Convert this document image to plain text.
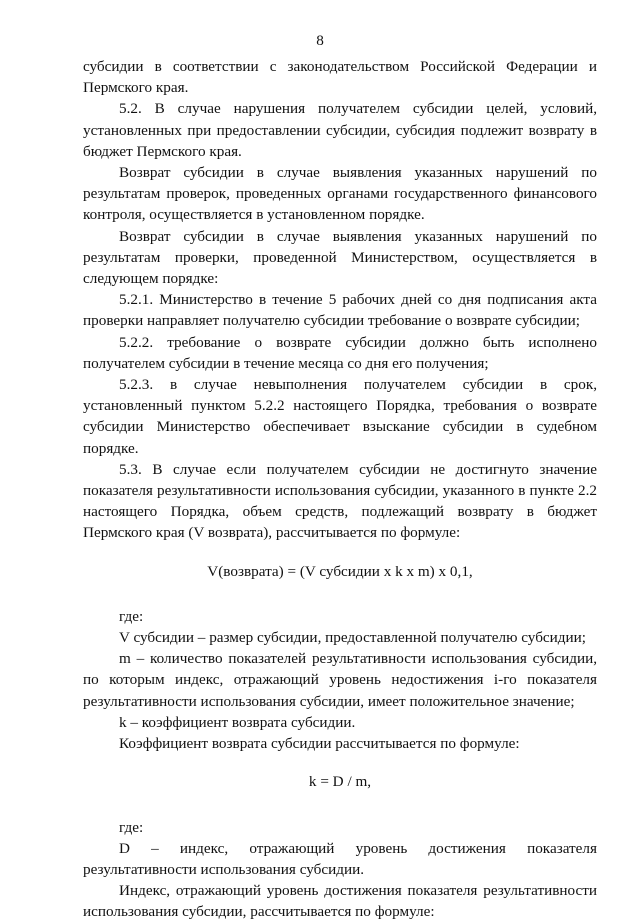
8

субсидии в соответствии с законодательством Российской Федерации и Пермского края.

5.2. В случае нарушения получателем субсидии целей, условий, установленных при предоставлении субсидии, субсидия подлежит возврату в бюджет Пермского края.

Возврат субсидии в случае выявления указанных нарушений по результатам проверок, проведенных органами государственного финансового контроля, осуществляется в установленном порядке.

Возврат субсидии в случае выявления указанных нарушений по результатам проверки, проведенной Министерством, осуществляется в следующем порядке:

5.2.1. Министерство в течение 5 рабочих дней со дня подписания акта проверки направляет получателю субсидии требование о возврате субсидии;

5.2.2. требование о возврате субсидии должно быть исполнено получателем субсидии в течение месяца со дня его получения;

5.2.3. в случае невыполнения получателем субсидии в срок, установленный пунктом 5.2.2 настоящего Порядка, требования о возврате субсидии Министерство обеспечивает взыскание субсидии в судебном порядке.

5.3. В случае если получателем субсидии не достигнуто значение показателя результативности использования субсидии, указанного в пункте 2.2 настоящего Порядка, объем средств, подлежащий возврату в бюджет Пермского края (V возврата), рассчитывается по формуле:

V(возврата) = (V субсидии x k x m) x 0,1,

где:

V субсидии – размер субсидии, предоставленной получателю субсидии;

m – количество показателей результативности использования субсидии, по которым индекс, отражающий уровень недостижения i-го показателя результативности использования субсидии, имеет положительное значение;

k – коэффициент возврата субсидии.

Коэффициент возврата субсидии рассчитывается по формуле:

k = D / m,

где:

D – индекс, отражающий уровень достижения показателя результативности использования субсидии.

Индекс, отражающий уровень достижения показателя результативности использования субсидии, рассчитывается по формуле:
